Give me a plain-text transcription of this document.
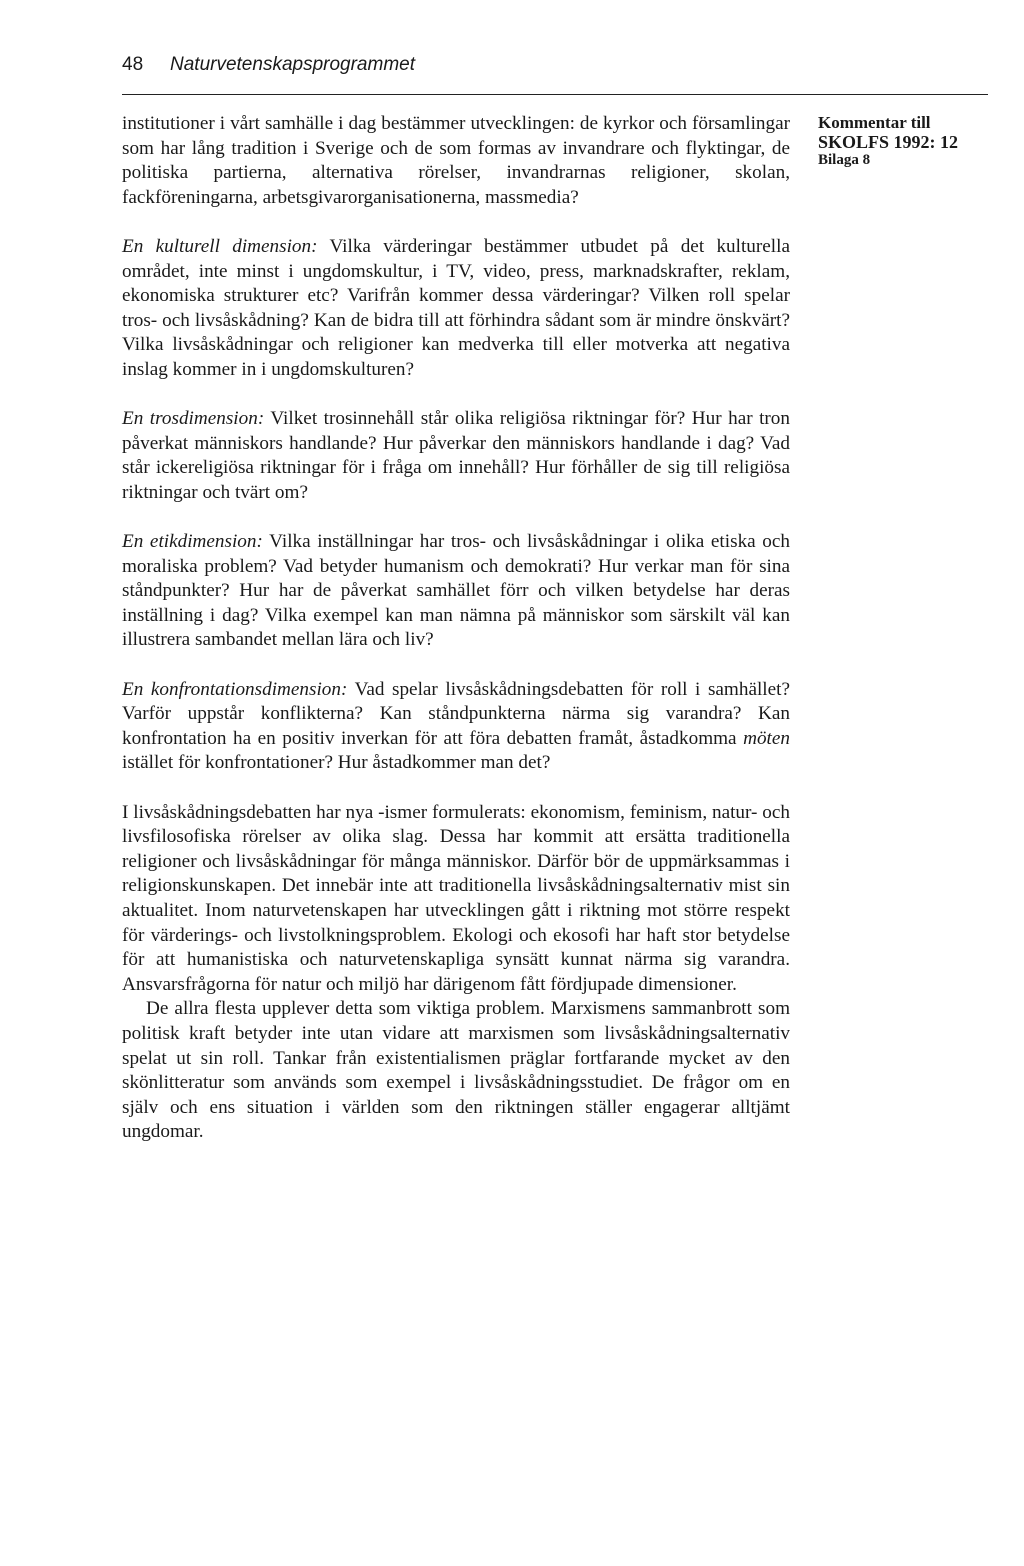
48 Naturvetenskapsprogrammet
Kommentar till
SKOLFS 1992: 12
Bilaga 8

institutioner i vårt samhälle i dag bestämmer utvecklingen: de kyrkor och församlingar som har lång tradition i Sverige och de som formas av invandrare och flyktingar, de politiska partierna, alternativa rörelser, invandrarnas religioner, skolan, fackföreningarna, arbetsgivarorganisationerna, massmedia?

En kulturell dimension: Vilka värderingar bestämmer utbudet på det kulturella området, inte minst i ungdomskultur, i TV, video, press, marknadskrafter, reklam, ekonomiska strukturer etc? Varifrån kommer dessa värderingar? Vilken roll spelar tros- och livsåskådning? Kan de bidra till att förhindra sådant som är mindre önskvärt? Vilka livsåskådningar och religioner kan medverka till eller motverka att negativa inslag kommer in i ungdomskulturen?

En trosdimension: Vilket trosinnehåll står olika religiösa riktningar för? Hur har tron påverkat människors handlande? Hur påverkar den människors handlande i dag? Vad står ickereligiösa riktningar för i fråga om innehåll? Hur förhåller de sig till religiösa riktningar och tvärt om?

En etikdimension: Vilka inställningar har tros- och livsåskådningar i olika etiska och moraliska problem? Vad betyder humanism och demokrati? Hur verkar man för sina ståndpunkter? Hur har de påverkat samhället förr och vilken betydelse har deras inställning i dag? Vilka exempel kan man nämna på människor som särskilt väl kan illustrera sambandet mellan lära och liv?

En konfrontationsdimension: Vad spelar livsåskådningsdebatten för roll i samhället? Varför uppstår konflikterna? Kan ståndpunkterna närma sig varandra? Kan konfrontation ha en positiv inverkan för att föra debatten framåt, åstadkomma möten istället för konfrontationer? Hur åstadkommer man det?

I livsåskådningsdebatten har nya -ismer formulerats: ekonomism, feminism, natur- och livsfilosofiska rörelser av olika slag. Dessa har kommit att ersätta traditionella religioner och livsåskådningar för många människor. Därför bör de uppmärksammas i religionskunskapen. Det innebär inte att traditionella livsåskådningsalternativ mist sin aktualitet. Inom naturvetenskapen har utvecklingen gått i riktning mot större respekt för värderings- och livstolkningsproblem. Ekologi och ekosofi har haft stor betydelse för att humanistiska och naturvetenskapliga synsätt kunnat närma sig varandra. Ansvarsfrågorna för natur och miljö har därigenom fått fördjupade dimensioner.

De allra flesta upplever detta som viktiga problem. Marxismens sammanbrott som politisk kraft betyder inte utan vidare att marxismen som livsåskådningsalternativ spelat ut sin roll. Tankar från existentialismen präglar fortfarande mycket av den skönlitteratur som används som exempel i livsåskådningsstudiet. De frågor om en själv och ens situation i världen som den riktningen ställer engagerar alltjämt ungdomar.
